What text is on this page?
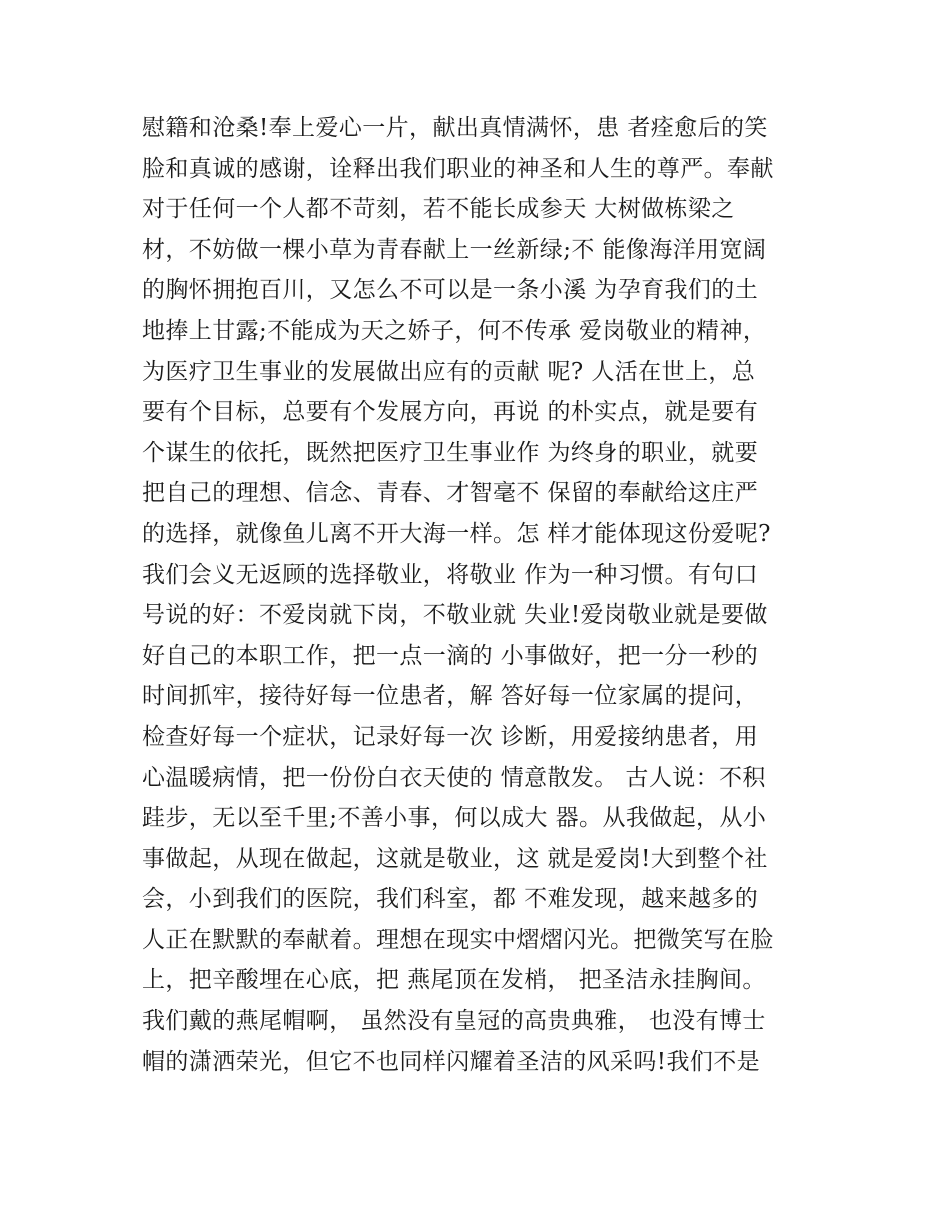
慰籍和沧桑!奉上爱心一片，献出真情满怀，患 者痊愈后的笑
脸和真诚的感谢，诠释出我们职业的神圣和人生的尊严。奉献
对于任何一个人都不苛刻，若不能长成参天 大树做栋梁之
材，不妨做一棵小草为青春献上一丝新绿;不 能像海洋用宽阔
的胸怀拥抱百川，又怎么不可以是一条小溪 为孕育我们的土
地捧上甘露;不能成为天之娇子，何不传承 爱岗敬业的精神，
为医疗卫生事业的发展做出应有的贡献 呢? 人活在世上，总
要有个目标，总要有个发展方向，再说 的朴实点，就是要有
个谋生的依托，既然把医疗卫生事业作 为终身的职业，就要
把自己的理想、信念、青春、才智毫不 保留的奉献给这庄严
的选择，就像鱼儿离不开大海一样。怎 样才能体现这份爱呢?
我们会义无返顾的选择敬业，将敬业 作为一种习惯。有句口
号说的好：不爱岗就下岗，不敬业就 失业!爱岗敬业就是要做
好自己的本职工作，把一点一滴的 小事做好，把一分一秒的
时间抓牢，接待好每一位患者，解 答好每一位家属的提问，
检查好每一个症状，记录好每一次 诊断，用爱接纳患者，用
心温暖病情，把一份份白衣天使的 情意散发。 古人说：不积
跬步，无以至千里;不善小事，何以成大 器。从我做起，从小
事做起，从现在做起，这就是敬业，这 就是爱岗!大到整个社
会，小到我们的医院，我们科室，都 不难发现，越来越多的
人正在默默的奉献着。理想在现实中熠熠闪光。把微笑写在脸
上，把辛酸埋在心底，把 燕尾顶在发梢， 把圣洁永挂胸间。
我们戴的燕尾帽啊， 虽然没有皇冠的高贵典雅， 也没有博士
帽的潇洒荣光，但它不也同样闪耀着圣洁的风采吗!我们不是
